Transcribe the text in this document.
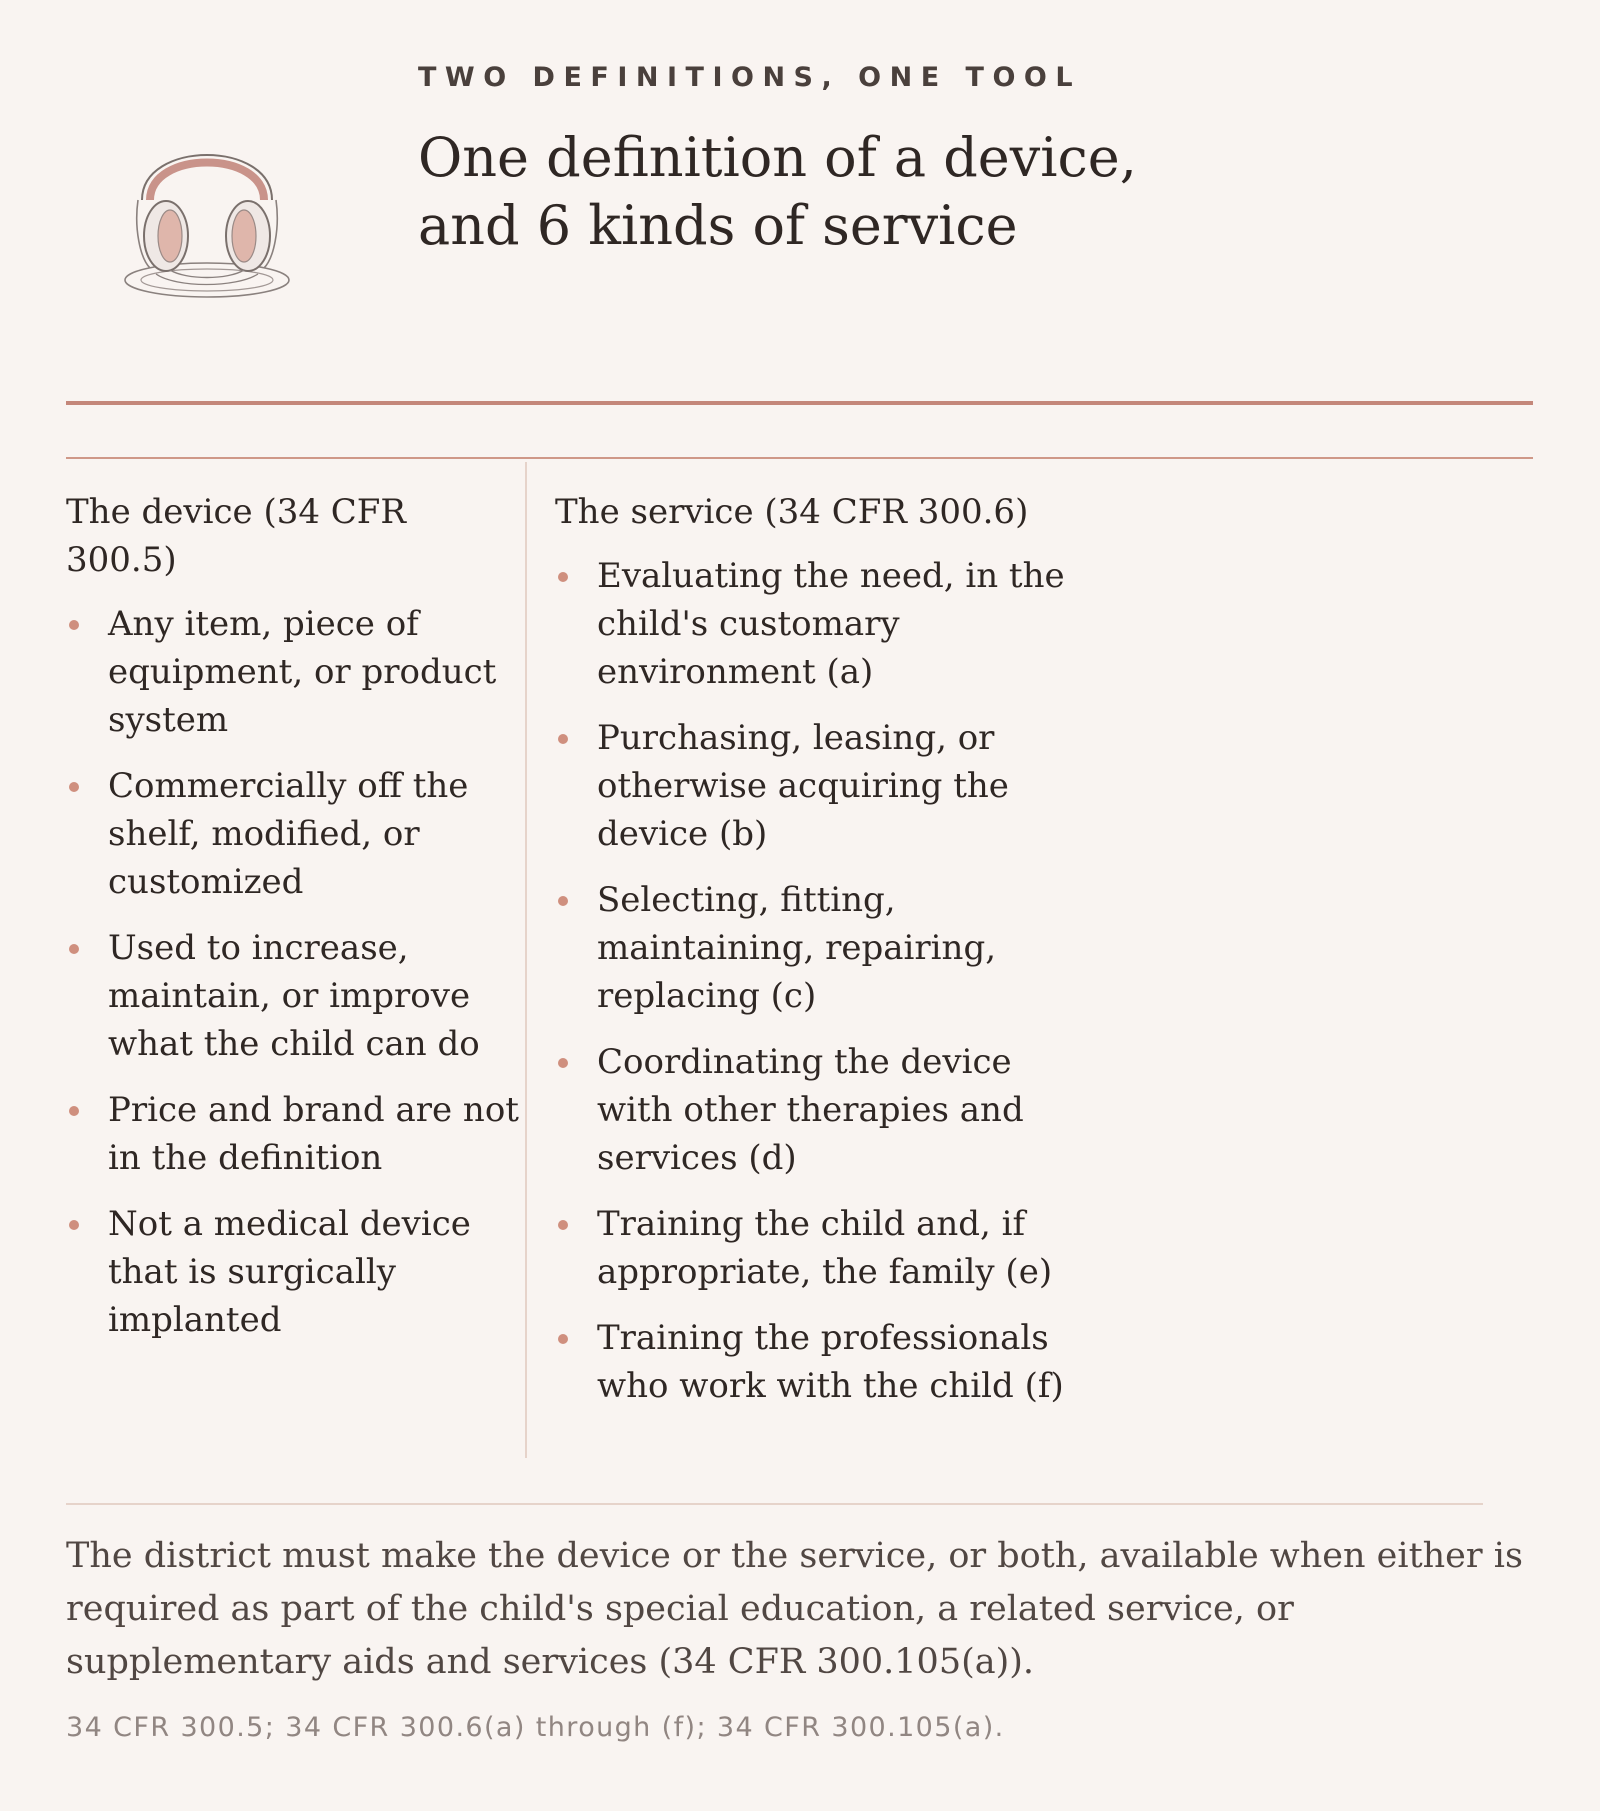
TWO DEFINITIONS, ONE TOOL
One definition of a device,
and 6 kinds of service

The device (34 CFR 300.5)

Any item, piece of equipment, or product system
Commercially off the shelf, modified, or customized
Used to increase, maintain, or improve what the child can do
Price and brand are not in the definition
Not a medical device that is surgically implanted

The service (34 CFR 300.6)

Evaluating the need, in the child's customary environment (a)
Purchasing, leasing, or otherwise acquiring the device (b)
Selecting, fitting, maintaining, repairing, replacing (c)
Coordinating the device with other therapies and services (d)
Training the child and, if appropriate, the family (e)
Training the professionals who work with the child (f)

The district must make the device or the service, or both, available when either is required as part of the child's special education, a related service, or supplementary aids and services (34 CFR 300.105(a)).

34 CFR 300.5; 34 CFR 300.6(a) through (f); 34 CFR 300.105(a).
